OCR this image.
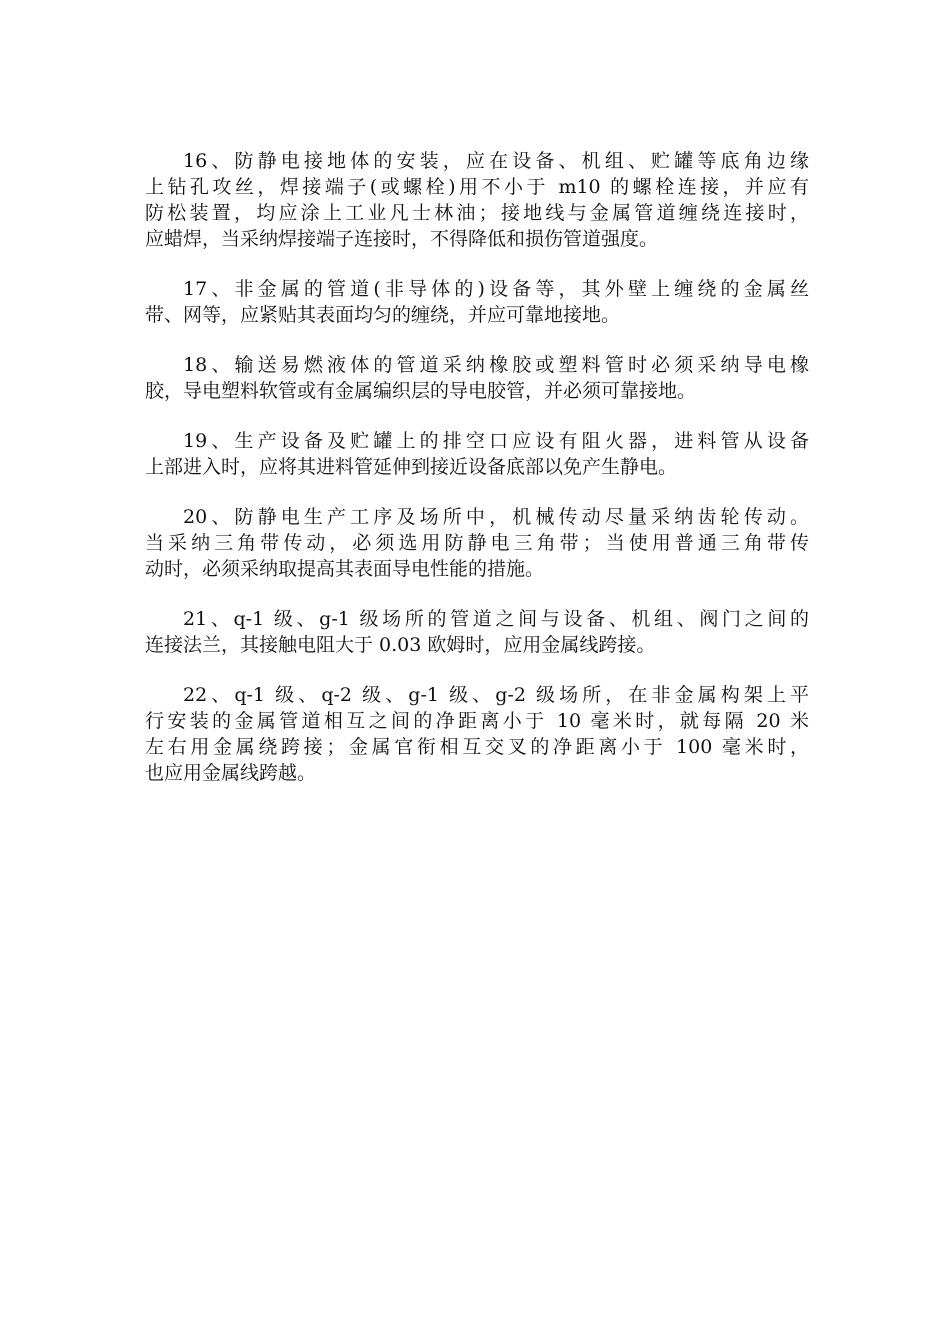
16、防静电接地体的安装，应在设备、机组、贮罐等底角边缘
上钻孔攻丝，焊接端子(或螺栓)用不小于 m10 的螺栓连接，并应有
防松装置，均应涂上工业凡士林油；接地线与金属管道缠绕连接时，
应蜡焊，当采纳焊接端子连接时，不得降低和损伤管道强度。

17、非金属的管道(非导体的)设备等，其外壁上缠绕的金属丝
带、网等，应紧贴其表面均匀的缠绕，并应可靠地接地。

18、输送易燃液体的管道采纳橡胶或塑料管时必须采纳导电橡
胶，导电塑料软管或有金属编织层的导电胶管，并必须可靠接地。

19、生产设备及贮罐上的排空口应设有阻火器，进料管从设备
上部进入时，应将其进料管延伸到接近设备底部以免产生静电。

20、防静电生产工序及场所中，机械传动尽量采纳齿轮传动。
当采纳三角带传动，必须选用防静电三角带；当使用普通三角带传
动时，必须采纳取提高其表面导电性能的措施。

21、q-1 级、g-1 级场所的管道之间与设备、机组、阀门之间的
连接法兰，其接触电阻大于 0.03 欧姆时，应用金属线跨接。

22、q-1 级、q-2 级、g-1 级、g-2 级场所，在非金属构架上平
行安装的金属管道相互之间的净距离小于 10 毫米时，就每隔 20 米
左右用金属绕跨接；金属官衔相互交叉的净距离小于 100 毫米时，
也应用金属线跨越。
